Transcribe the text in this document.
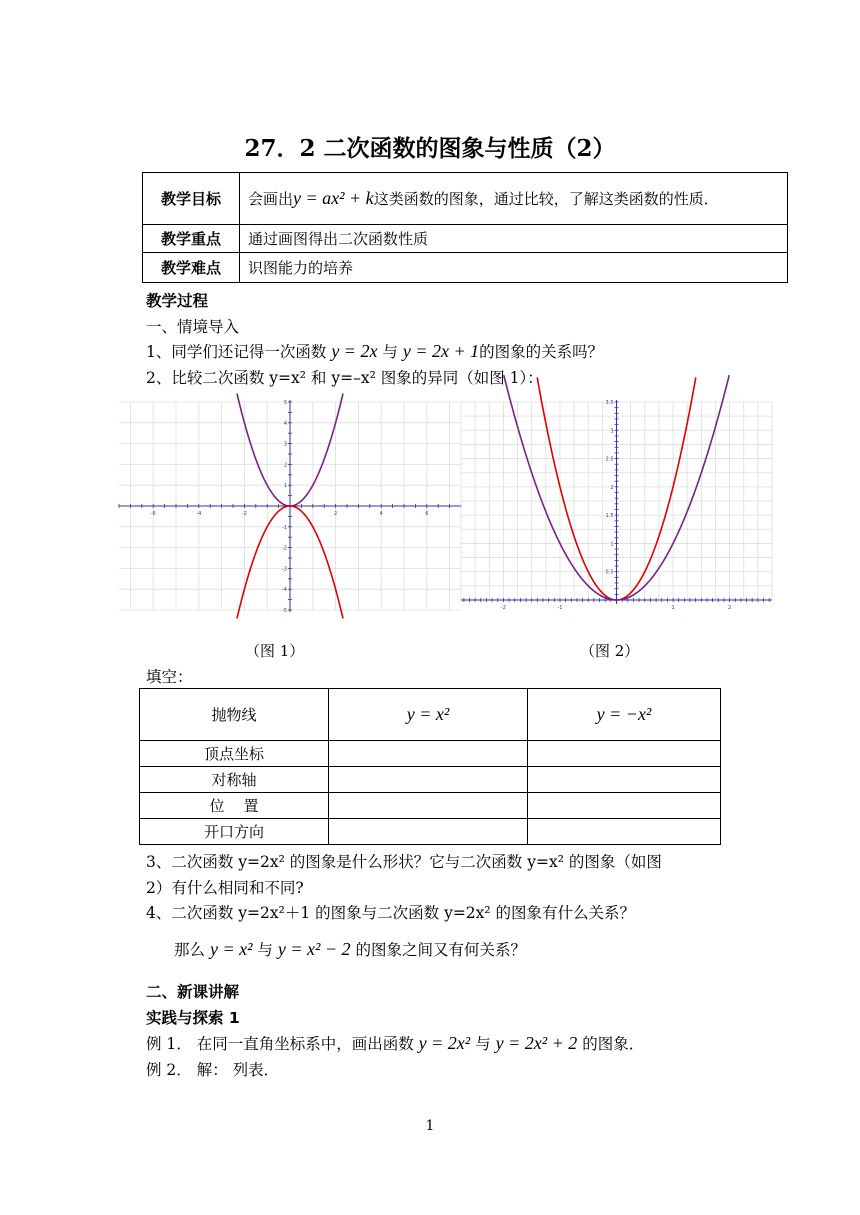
27．2 二次函数的图象与性质（2）
教学目标	会画出y = ax² + k这类函数的图象，通过比较，了解这类函数的性质．
教学重点	通过画图得出二次函数性质
教学难点	识图能力的培养
教学过程
一、情境导入
1、同学们还记得一次函数 y = 2x 与 y = 2x + 1的图象的关系吗？
2、比较二次函数 y=x² 和 y=–x² 图象的异同（如图 1）：
-6	-4	-2	2	4	6
5
4
3
2
1
-1
-2
-3
-4
-5	-2	-1	1	2
3.5
3
2.5
2
1.5
1
0.5
（图 1）	（图 2）
填空：
抛物线	y = x²	y = −x²
顶点坐标		
对称轴		
位    置		
开口方向		
3、二次函数 y=2x² 的图象是什么形状？它与二次函数 y=x² 的图象（如图
2）有什么相同和不同?
4、二次函数 y=2x²＋1 的图象与二次函数 y=2x² 的图象有什么关系？
那么 y = x² 与 y = x² − 2 的图象之间又有何关系？
二、新课讲解
实践与探索 1
例 1． 在同一直角坐标系中，画出函数 y = 2x² 与 y = 2x² + 2 的图象．
例 2． 解： 列表．
1
